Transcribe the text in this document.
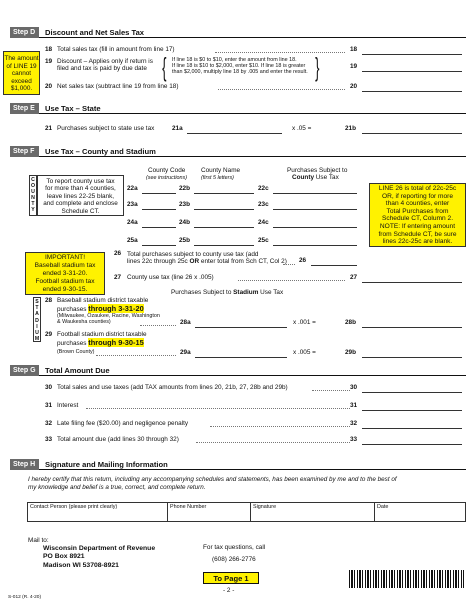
Step D	Discount and Net Sales Tax
The amount
of LINE 19
cannot
exceed
$1,000.
18 Total sales tax (fill in amount from line 17)	18
19 Discount – Applies only if return is
filed and tax is paid by due date { If line 18 is $0 to $10, enter the amount from line 18.
If line 18 is $10 to $2,000, enter $10. If line 18 is greater
than $2,000, multiply line 18 by .005 and enter the result. }	19
20 Net sales tax (subtract line 19 from line 18)	20
Step E	Use Tax – State
21 Purchases subject to state use tax	21a	x .05 =	21b
Step F	Use Tax – County and Stadium
County Code
(see instructions)
County Name
(first 5 letters)
Purchases Subject to
County Use Tax
C
O
U
N
T
Y
To report county use tax
for more than 4 counties,
leave lines 22-25 blank,
and complete and enclose
Schedule CT.
22a	22b	22c
23a	23b	23c
24a	24b	24c
25a	25b	25c
LINE 26 is total of 22c-25c
OR, if reporting for more
than 4 counties, enter
Total Purchases from
Schedule CT, Column 2.
NOTE: If entering amount
from Schedule CT, be sure
lines 22c-25c are blank.
IMPORTANT!
Baseball stadium tax
ended 3-31-20.
Football stadium tax
ended 9-30-15.
26 Total purchases subject to county use tax (add
lines 22c through 25c OR enter total from Sch CT, Col 2) 26
27 County use tax (line 26 x .005)	27
Purchases Subject to Stadium Use Tax
S
T
A
D
I
U
M
28 Baseball stadium district taxable
purchases through 3-31-20
(Milwaukee, Ozaukee, Racine, Washington
& Waukesha counties)	28a	x .001 =	28b
29 Football stadium district taxable
purchases through 9-30-15
(Brown County)	29a	x .005 =	29b
Step G	Total Amount Due
30 Total sales and use taxes (add TAX amounts from lines 20, 21b, 27, 28b and 29b)	30
31 Interest	31
32 Late filing fee ($20.00) and negligence penalty	32
33 Total amount due (add lines 30 through 32)	33
Step H	Signature and Mailing Information
I hereby certify that this return, including any accompanying schedules and statements, has been examined by me and to the best of
my knowledge and belief is a true, correct, and complete return.
Contact Person (please print clearly)	Phone Number	Signature	Date
Mail to:
Wisconsin Department of Revenue
PO Box 8921
Madison WI 53708-8921
For tax questions, call
(608) 266-2776
To Page 1
- 2 -
S-012 (R. 4-20)
